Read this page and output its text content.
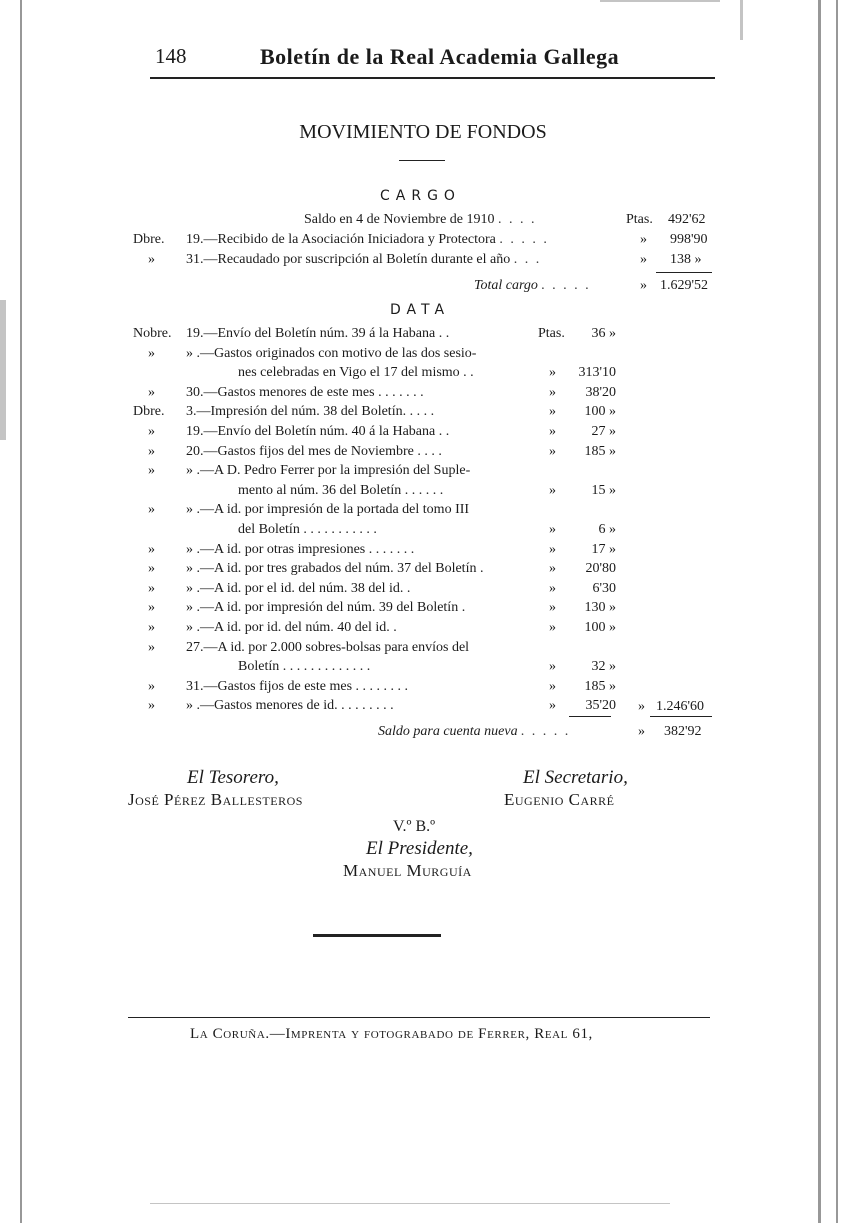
148	Boletín de la Real Academia Gallega
MOVIMIENTO DE FONDOS
CARGO
Saldo en 4 de Noviembre de 1910 . . . .	Ptas. 492'62
Dbre. 19.—Recibido de la Asociación Iniciadora y Protectora . . . . .	» 998'90
» 31.—Recaudado por suscripción al Boletín durante el año . . .	» 138 »
Total cargo . . . . .	» 1.629'52
DATA
Nobre. 19.—Envío del Boletín núm. 39 á la Habana . .	Ptas.	36 »
» » .—Gastos originados con motivo de las dos sesio-
nes celebradas en Vigo el 17 del mismo . .	»	313'10
» 30.—Gastos menores de este mes . . . . . . .	»	38'20
Dbre. 3.—Impresión del núm. 38 del Boletín. . . . .	»	100 »
» 19.—Envío del Boletín núm. 40 á la Habana . .	»	27 »
» 20.—Gastos fijos del mes de Noviembre . . . .	»	185 »
» » .—A D. Pedro Ferrer por la impresión del Suple-
mento al núm. 36 del Boletín . . . . . .	»	15 »
» » .—A id. por impresión de la portada del tomo III
del Boletín . . . . . . . . . . .	»	6 »
» » .—A id. por otras impresiones . . . . . . .	»	17 »
» » .—A id. por tres grabados del núm. 37 del Boletín .	»	20'80
» » .—A id. por el id. del núm. 38 del id. .	»	6'30
» » .—A id. por impresión del núm. 39 del Boletín .	»	130 »
» » .—A id. por id. del núm. 40 del id. .	»	100 »
» 27.—A id. por 2.000 sobres-bolsas para envíos del
Boletín . . . . . . . . . . . . .	»	32 »
» 31.—Gastos fijos de este mes . . . . . . . .	»	185 »
» » .—Gastos menores de id. . . . . . . . .	»	35'20 » 1.246'60
Saldo para cuenta nueva . . . . .	» 382'92
El Tesorero,
José Pérez Ballesteros
El Secretario,
Eugenio Carré
V.º B.º
El Presidente,
Manuel Murguía
La Coruña.—Imprenta y fotograbado de Ferrer, Real 61,
